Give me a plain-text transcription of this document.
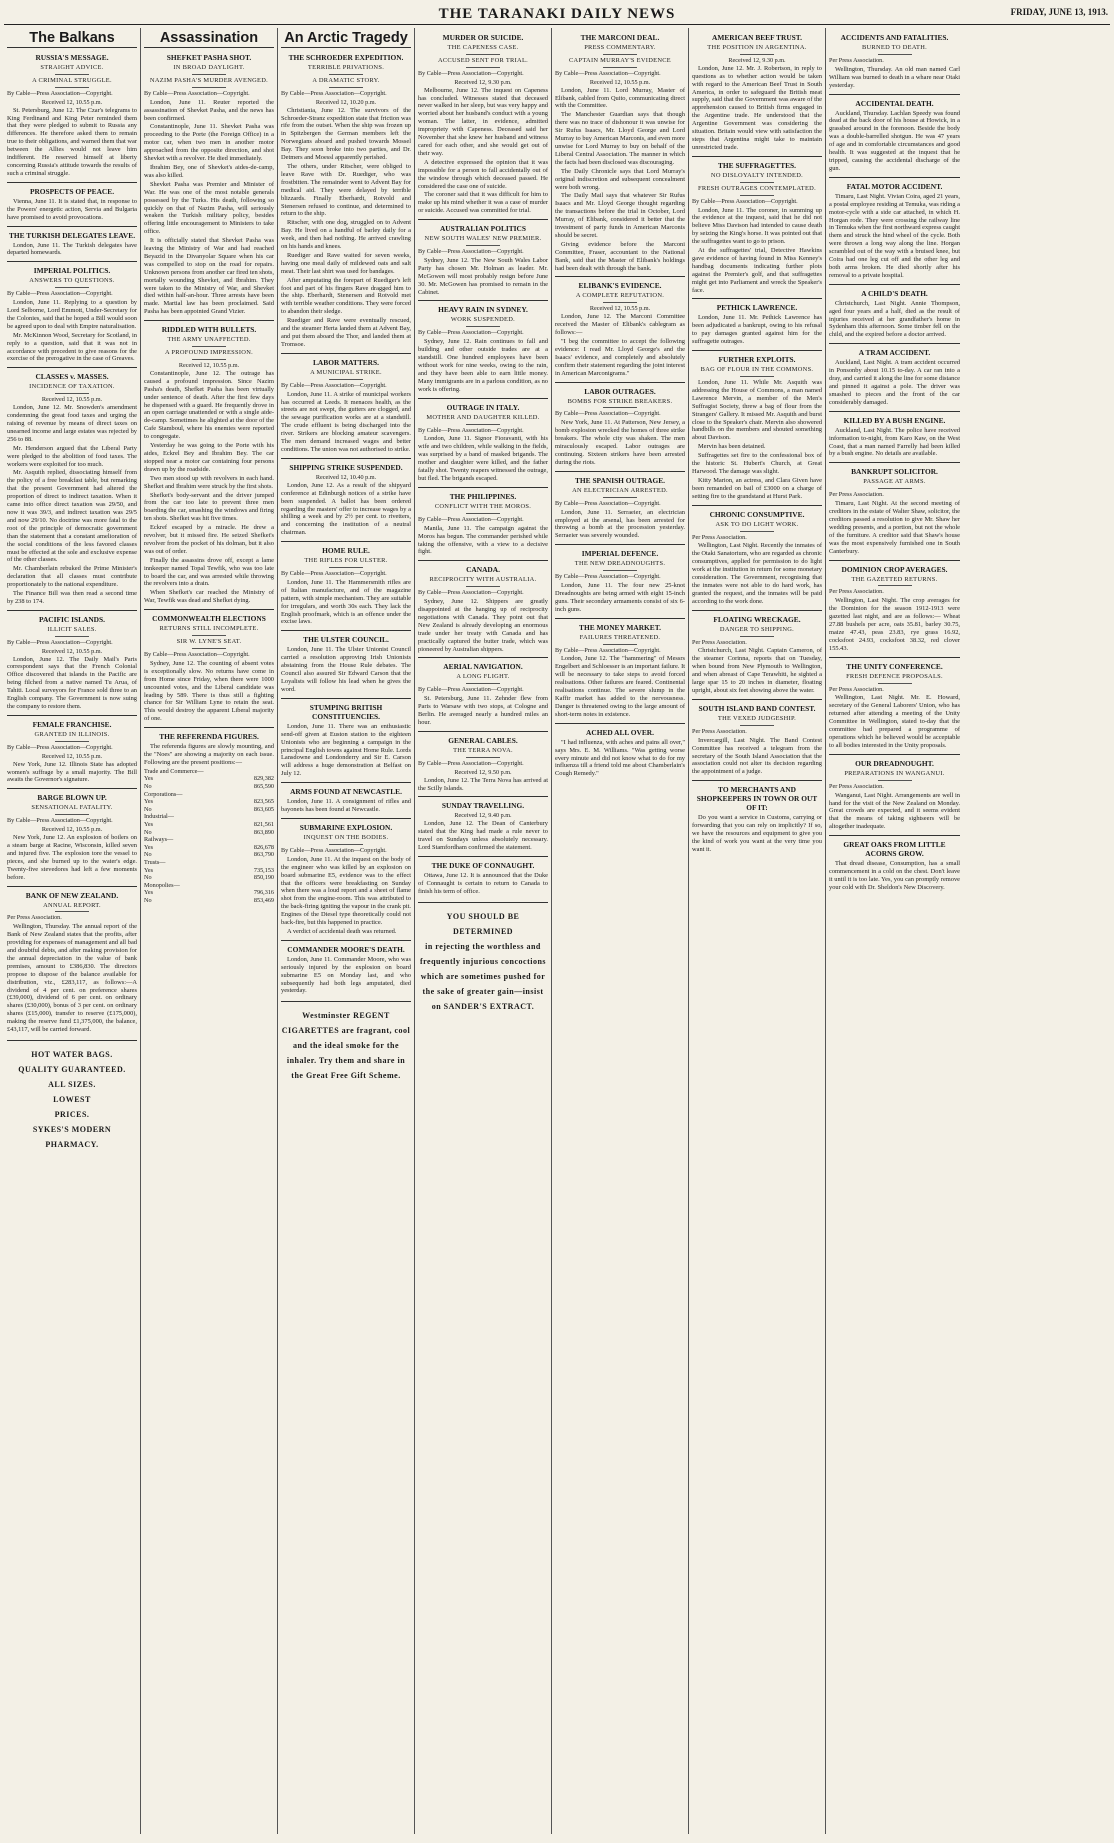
THE TARANAKI DAILY NEWS	FRIDAY, JUNE 13, 1913.
The Balkans
RUSSIA'S MESSAGE.
STRAIGHT ADVICE.
A CRIMINAL STRUGGLE.
By Cable—Press Association—Copyright.
Received 12, 10.55 p.m.

St. Petersburg, June 12. The Czar's telegrams to King Ferdinand and King Peter reminded them that they were pledged to submit to Russia any differences. He therefore asked them to remain true to their obligations, and warned them that war between the Allies would not leave him indifferent. He reserved himself at liberty concerning Russia's attitude towards the results of such a criminal struggle.

PROSPECTS OF PEACE.

Vienna, June 11. It is stated that, in response to the Powers' energetic action, Servia and Bulgaria have promised to avoid provocations.

THE TURKISH DELEGATES LEAVE.

London, June 11. The Turkish delegates have departed homewards.

IMPERIAL POLITICS.
ANSWERS TO QUESTIONS.
By Cable—Press Association—Copyright.

London, June 11. Replying to a question by Lord Selborne, Lord Emmott, Under-Secretary for the Colonies, said that he hoped a Bill would soon be agreed upon to deal with Empire naturalisation.

Mr. McKinnon Wood, Secretary for Scotland, in reply to a question, said that it was not in accordance with precedent to give reasons for the exercise of the prerogative in the case of Greaves.

CLASSES v. MASSES.
INCIDENCE OF TAXATION.
Received 12, 10.55 p.m.

London, June 12. Mr. Snowden's amendment condemning the great food taxes and urging the raising of revenue by means of direct taxes on unearned income and large estates was rejected by 256 to 88.

Mr. Henderson argued that the Liberal Party were pledged to the abolition of food taxes. The workers were exploited for too much.

Mr. Asquith replied, dissociating himself from the policy of a free breakfast table, but remarking that the present Government had altered the proportion of direct to indirect taxation. When it came into office direct taxation was 29/50, and now it was 39/3, and indirect taxation was 29/5 and now 29/10. No doctrine was more fatal to the root of the principle of democratic government than the statement that a constant amelioration of the social conditions of the less favored classes must be effected at the sole and exclusive expense of the other classes.

Mr. Chamberlain rebuked the Prime Minister's declaration that all classes must contribute proportionately to the national expenditure.

The Finance Bill was then read a second time by 238 to 174.

PACIFIC ISLANDS.
ILLICIT SALES.
By Cable—Press Association—Copyright.
Received 12, 10.55 p.m.

London, June 12. The Daily Mail's Paris correspondent says that the French Colonial Office discovered that islands in the Pacific are being filched from a native named Tu Arua, of Tahiti. Local surveyors for France sold three to an English company. The Government is now suing the company to restore them.

FEMALE FRANCHISE.
GRANTED IN ILLINOIS.
By Cable—Press Association—Copyright.
Received 12, 10.55 p.m.

New York, June 12. Illinois State has adopted women's suffrage by a small majority. The Bill awaits the Governor's signature.

BARGE BLOWN UP.
SENSATIONAL FATALITY.
By Cable—Press Association—Copyright.
Received 12, 10.55 p.m.

New York, June 12. An explosion of boilers on a steam barge at Racine, Wisconsin, killed seven and injured five. The explosion tore the vessel to pieces, and she burned up to the water's edge. Twenty-five stevedores had left a few moments before.

BANK OF NEW ZEALAND.
ANNUAL REPORT.
Per Press Association.

Wellington, Thursday. The annual report of the Bank of New Zealand states that the profits, after providing for expenses of management and all bad and doubtful debts, and after making provision for the annual depreciation in the value of bank premises, amount to £386,830. The directors propose to dispose of the balance available for distribution, viz., £283,117, as follows:—A dividend of 4 per cent. on preference shares (£39,000), dividend of 6 per cent. on ordinary shares (£30,000), bonus of 3 per cent. on ordinary shares (£15,000), transfer to reserve (£175,000), making the reserve fund £1,375,000, the balance, £43,117, will be carried forward.

HOT WATER BAGS.
QUALITY GUARANTEED.
ALL SIZES.
LOWEST
PRICES.
SYKES'S MODERN PHARMACY.
Assassination
SHEFKET PASHA SHOT.
IN BROAD DAYLIGHT.
NAZIM PASHA'S MURDER AVENGED.
By Cable—Press Association—Copyright.

London, June 11. Reuter reported the assassination of Shevket Pasha, and the news has been confirmed.

Constantinople, June 11. Shevket Pasha was proceeding to the Porte (the Foreign Office) in a motor car, when two men in another motor approached from the opposite direction, and shot Shevket with a revolver. He died immediately.

Ibrahim Bey, one of Shevket's aides-de-camp, was also killed.

Shevket Pasha was Premier and Minister of War. He was one of the most notable generals possessed by the Turks. His death, following so quickly on that of Nazim Pasha, will seriously weaken the Turkish military policy, besides offering little encouragement to Ministers to take office.

It is officially stated that Shevket Pasha was leaving the Ministry of War and had reached Beyazid in the Divanyolar Square when his car was compelled to stop on the road for repairs. Unknown persons from another car fired ten shots, mortally wounding Shevket, and Ibrahim. They were taken to the Ministry of War, and Shevket died within half-an-hour. Three arrests have been made. Martial law has been proclaimed. Said Pasha has been appointed Grand Vizier.

RIDDLED WITH BULLETS.
THE ARMY UNAFFECTED.
A PROFOUND IMPRESSION.
Received 12, 10.55 p.m.

Constantinople, June 12. The outrage has caused a profound impression. Since Nazim Pasha's death, Shefket Pasha has been virtually under sentence of death. After the first few days he dispensed with a guard. He frequently drove in an open carriage unattended or with a single aide-de-camp. Sometimes he alighted at the door of the Cafe Stamboul, where his enemies were reported to congregate.

Yesterday he was going to the Porte with his aides, Eckrel Bey and Ibrahim Bey. The car stopped near a motor car containing four persons drawn up by the roadside.

Two men stood up with revolvers in each hand. Shefket and Ibrahim were struck by the first shots.

Shefket's body-servant and the driver jumped from the car too late to prevent three men boarding the car, smashing the windows and firing ten shots. Shefket was hit five times.

Eckref escaped by a miracle. He drew a revolver, but it missed fire. He seized Shefket's revolver from the pocket of his dolman, but it also was out of order.

Finally the assassins drove off, except a lame innkeeper named Topal Tewfik, who was too late to board the car, and was arrested while throwing the revolvers into a drain.

When Shefket's car reached the Ministry of War, Tewfik was dead and Shefket dying.

COMMONWEALTH ELECTIONS
RETURNS STILL INCOMPLETE.
SIR W. LYNE'S SEAT.
By Cable—Press Association—Copyright.

Sydney, June 12. The counting of absent votes is exceptionally slow. No returns have come in from Home since Friday, when there were 1000 uncounted votes, and the Liberal candidate was leading by 589. There is thus still a fighting chance for Sir William Lyne to retain the seat. This would destroy the apparent Liberal majority of one.

THE REFERENDA FIGURES.

The referenda figures are slowly mounting, and the "Noes" are showing a majority on each issue. Following are the present positions:—

Trade and Commerce—
Yes	829,382
No	865,590
Corporations—
Yes	823,565
No	863,605
Industrial—
Yes	821,561
No	863,890
Railways—
Yes	826,678
No	863,790
Trusts—
Yes	735,153
No	850,190
Monopolies—
Yes	796,316
No	853,469
An Arctic Tragedy
THE SCHROEDER EXPEDITION.
TERRIBLE PRIVATIONS.
A DRAMATIC STORY.
By Cable—Press Association—Copyright.
Received 12, 10.20 p.m.

Christiania, June 12. The survivors of the Schroeder-Stranz expedition state that friction was rife from the outset. When the ship was frozen up in Spitzbergen the German members left the Norwegians aboard and pushed towards Mossel Bay. They soon broke into two parties, and Dr. Detmers and Moessl apparently perished.

The others, under Ritscher, were obliged to leave Rave with Dr. Ruediger, who was frostbitten. The remainder went to Advent Bay for medical aid. They were delayed by terrible blizzards. Finally Eberhardt, Rotvold and Stenersen refused to continue, and determined to return to the ship.

Ritscher, with one dog, struggled on to Advent Bay. He lived on a handful of barley daily for a week, and then had nothing. He arrived crawling on his hands and knees.

Ruediger and Rave waited for seven weeks, having one meal daily of mildewed oats and salt meat. Their last shirt was used for bandages.

After amputating the forepart of Ruediger's left foot and part of his fingers Rave dragged him to the ship. Eberhardt, Stenersen and Rotvold met with terrible weather conditions. They were forced to abandon their sledge.

Ruediger and Rave were eventually rescued, and the steamer Herta landed them at Advent Bay, and put them aboard the Thor, and landed them at Tromsoe.

LABOR MATTERS.
A MUNICIPAL STRIKE.
By Cable—Press Association—Copyright.

London, June 11. A strike of municipal workers has occurred at Leeds. It menaces health, as the streets are not swept, the gutters are clogged, and the sewage purification works are at a standstill. The crude effluent is being discharged into the river. Strikers are blocking amateur scavengers. The men demand increased wages and better conditions. The union was not authorised to strike.

SHIPPING STRIKE SUSPENDED.
Received 12, 10.40 p.m.

London, June 12. As a result of the shipyard conference at Edinburgh notices of a strike have been suspended. A ballot has been ordered regarding the masters' offer to increase wages by a shilling a week and by 2½ per cent. to rivetters, and concerning the institution of a neutral chairman.

HOME RULE.
THE RIFLES FOR ULSTER.
By Cable—Press Association—Copyright.

London, June 11. The Hammersmith rifles are of Italian manufacture, and of the magazine pattern, with simple mechanism. They are suitable for irregulars, and worth 30s each. They lack the English proofmark, which is an offence under the excise laws.

THE ULSTER COUNCIL.

London, June 11. The Ulster Unionist Council carried a resolution approving Irish Unionists abstaining from the House Rule debates. The Council also assured Sir Edward Carson that the Loyalists will follow his lead when he gives the word.

STUMPING BRITISH CONSTITUENCIES.

London, June 11. There was an enthusiastic send-off given at Euston station to the eighteen Unionists who are beginning a campaign in the principal English towns against Home Rule. Lords Lansdowne and Londonderry and Sir E. Carson will address a huge demonstration at Belfast on July 12.

ARMS FOUND AT NEWCASTLE.

London, June 11. A consignment of rifles and bayonets has been found at Newcastle.

SUBMARINE EXPLOSION.
INQUEST ON THE BODIES.
By Cable—Press Association—Copyright.

London, June 11. At the inquest on the body of the engineer who was killed by an explosion on board submarine E5, evidence was to the effect that the officers were breakfasting on Sunday when there was a loud report and a sheet of flame shot from the engine-room. This was attributed to the back-firing igniting the vapour in the crank pit. Engines of the Diesel type theoretically could not back-fire, but this happened in practice.

A verdict of accidental death was returned.

COMMANDER MOORE'S DEATH.

London, June 11. Commander Moore, who was seriously injured by the explosion on board submarine E5 on Monday last, and who subsequently had both legs amputated, died yesterday.

Westminster REGENT CIGARETTES are fragrant, cool and the ideal smoke for the inhaler. Try them and share in the Great Free Gift Scheme.
MURDER OR SUICIDE.
THE CAPENESS CASE.
ACCUSED SENT FOR TRIAL.
By Cable—Press Association—Copyright.
Received 12, 9.30 p.m.

Melbourne, June 12. The inquest on Capeness has concluded. Witnesses stated that deceased never walked in her sleep, but was very happy and worried about her husband's conduct with a young woman. The latter, in evidence, admitted impropriety with Capeness. Deceased said her November that she knew her husband and witness cared for each other, and she would get out of their way.

A detective expressed the opinion that it was impossible for a person to fall accidentally out of the window through which deceased passed. He considered the case one of suicide.

The coroner said that it was difficult for him to make up his mind whether it was a case of murder or suicide. Accused was committed for trial.

AUSTRALIAN POLITICS
NEW SOUTH WALES' NEW PREMIER.
By Cable—Press Association—Copyright.

Sydney, June 12. The New South Wales Labor Party has chosen Mr. Holman as leader. Mr. McGowen will most probably resign before June 30. Mr. McGowen has promised to remain in the Cabinet.

HEAVY RAIN IN SYDNEY.
WORK SUSPENDED.
By Cable—Press Association—Copyright.

Sydney, June 12. Rain continues to fall and building and other outside trades are at a standstill. One hundred employees have been without work for nine weeks, owing to the rain, and they have been able to earn little money. Many immigrants are in a parlous condition, as no work is offering.

OUTRAGE IN ITALY.
MOTHER AND DAUGHTER KILLED.
By Cable—Press Association—Copyright.

London, June 11. Signor Fioravanti, with his wife and two children, while walking in the fields, was surprised by a band of masked brigands. The mother and daughter were killed, and the father fatally shot. Twenty reapers witnessed the outrage, but fled. The brigands escaped.

THE PHILIPPINES.
CONFLICT WITH THE MOROS.
By Cable—Press Association—Copyright.

Manila, June 11. The campaign against the Moros has begun. The commander perished while taking the offensive, with a view to a decisive fight.

CANADA.
RECIPROCITY WITH AUSTRALIA.
By Cable—Press Association—Copyright.

Sydney, June 12. Shippers are greatly disappointed at the hanging up of reciprocity negotiations with Canada. They point out that New Zealand is already developing an enormous trade under her treaty with Canada and has practically captured the butter trade, which was pioneered by Australian shippers.

AERIAL NAVIGATION.
A LONG FLIGHT.
By Cable—Press Association—Copyright.

St. Petersburg, June 11. Zehnder flew from Paris to Warsaw with two stops, at Cologne and Berlin. He averaged nearly a hundred miles an hour.

GENERAL CABLES.
THE TERRA NOVA.
By Cable—Press Association—Copyright.
Received 12, 9.50 p.m.

London, June 12. The Terra Nova has arrived at the Scilly Islands.

SUNDAY TRAVELLING.
Received 12, 9.40 p.m.

London, June 12. The Dean of Canterbury stated that the King had made a rule never to travel on Sundays unless absolutely necessary. Lord Stamfordham confirmed the statement.

THE DUKE OF CONNAUGHT.

Ottawa, June 12. It is announced that the Duke of Connaught is certain to return to Canada to finish his term of office.

YOU SHOULD BE DETERMINED
in rejecting the worthless and frequently injurious concoctions which are sometimes pushed for the sake of greater gain—insist on SANDER'S EXTRACT.
THE MARCONI DEAL.
PRESS COMMENTARY.
CAPTAIN MURRAY'S EVIDENCE
By Cable—Press Association—Copyright.
Received 12, 10.55 p.m.

London, June 11. Lord Murray, Master of Elibank, cabled from Quito, communicating direct with the Committee.

The Manchester Guardian says that though there was no trace of dishonour it was unwise for Sir Rufus Isaacs, Mr. Lloyd George and Lord Murray to buy American Marconis, and even more unwise for Lord Murray to buy on behalf of the Liberal Central Association. The manner in which the facts had been disclosed was discouraging.

The Daily Chronicle says that Lord Murray's original indiscretion and subsequent concealment were both wrong.

The Daily Mail says that whatever Sir Rufus Isaacs and Mr. Lloyd George thought regarding the transactions before the trial in October, Lord Murray, of Elibank, considered it better that the investment of party funds in American Marconis should be secret.

Giving evidence before the Marconi Committee, Fraser, accountant to the National Bank, said that the Master of Elibank's holdings had been dealt with through the bank.

ELIBANK'S EVIDENCE.
A COMPLETE REFUTATION.
Received 12, 10.55 p.m.

London, June 12. The Marconi Committee received the Master of Elibank's cablegram as follows:—

"I beg the committee to accept the following evidence: I read Mr. Lloyd George's and the Isaacs' evidence, and completely and absolutely confirm their statement regarding the joint interest in American Marconigrams."

LABOR OUTRAGES.
BOMBS FOR STRIKE BREAKERS.
By Cable—Press Association—Copyright.

New York, June 11. At Patterson, New Jersey, a bomb explosion wrecked the homes of three strike breakers. The whole city was shaken. The men miraculously escaped. Labor outrages are continuing. Sixteen strikers have been arrested during the riots.

THE SPANISH OUTRAGE.
AN ELECTRICIAN ARRESTED.
By Cable—Press Association—Copyright.

London, June 11. Serraeier, an electrician employed at the arsenal, has been arrested for throwing a bomb at the procession yesterday. Serraeier was severely wounded.

IMPERIAL DEFENCE.
THE NEW DREADNOUGHTS.
By Cable—Press Association—Copyright.

London, June 11. The four new 25-knot Dreadnoughts are being armed with eight 15-inch guns. Their secondary armaments consist of six 6-inch guns.

THE MONEY MARKET.
FAILURES THREATENED.
By Cable—Press Association—Copyright.

London, June 12. The "hammering" of Messrs Engelbert and Schloesser is an important failure. It will be necessary to take steps to avoid forced realisations. Other failures are feared. Continental realisations continue. The severe slump in the Kaffir market has added to the nervousness. Danger is threatened owing to the large amount of short-term notes in existence.

ACHED ALL OVER.

"I had influenza, with aches and pains all over," says Mrs. E. M. Williams. "Was getting worse every minute and did not know what to do for my influenza till a friend told me about Chamberlain's Cough Remedy."

AMERICAN BEEF TRUST.
THE POSITION IN ARGENTINA.
Received 12, 9.30 p.m.

London, June 12. Mr. J. Robertson, in reply to questions as to whether action would be taken with regard to the American Beef Trust in South America, in order to safeguard the British meat supply, said that the Government was aware of the apprehension caused to British firms engaged in the Argentine trade. He understood that the Argentine Government was considering the situation. Britain would view with satisfaction the steps that Argentina might take to maintain unrestricted trade.

THE SUFFRAGETTES.
NO DISLOYALTY INTENDED.
FRESH OUTRAGES CONTEMPLATED.
By Cable—Press Association—Copyright.

London, June 11. The coroner, in summing up the evidence at the inquest, said that he did not believe Miss Davison had intended to cause death by seizing the King's horse. It was pointed out that the suffragettes want to go to prison.

At the suffragettes' trial, Detective Hawkins gave evidence of having found in Miss Kenney's handbag documents indicating further plots against the Premier's golf, and that suffragettes might get into Parliament and wreck the Speaker's face.

PETHICK LAWRENCE.

London, June 11. Mr. Pethick Lawrence has been adjudicated a bankrupt, owing to his refusal to pay damages granted against him for the suffragette outrages.

FURTHER EXPLOITS.
BAG OF FLOUR IN THE COMMONS.

London, June 11. While Mr. Asquith was addressing the House of Commons, a man named Lawrence Mervin, a member of the Men's Suffragist Society, threw a bag of flour from the Strangers' Gallery. It missed Mr. Asquith and burst close to the Speaker's chair. Mervin also showered handbills on the members and shouted something about Davison.

Mervin has been detained.

Suffragettes set fire to the confessional box of the historic St. Hubert's Church, at Great Harwood. The damage was slight.

Kitty Marion, an actress, and Clara Given have been remanded on bail of £3000 on a charge of setting fire to the grandstand at Hurst Park.

CHRONIC CONSUMPTIVE.
ASK TO DO LIGHT WORK.
Per Press Association.

Wellington, Last Night. Recently the inmates of the Otaki Sanatorium, who are regarded as chronic consumptives, applied for permission to do light work at the institution in return for some monetary consideration. The Government, recognising that the inmates were not able to do hard work, has granted the request, and the inmates will be paid according to the work done.

FLOATING WRECKAGE.
DANGER TO SHIPPING.
Per Press Association.

Christchurch, Last Night. Captain Cameron, of the steamer Corinna, reports that on Tuesday, when bound from New Plymouth to Wellington, and when abreast of Cape Terawhiti, he sighted a large spar 15 to 20 inches in diameter, floating upright, about six feet showing above the water.

SOUTH ISLAND BAND CONTEST.
THE VEXED JUDGESHIP.
Per Press Association.

Invercargill, Last Night. The Band Contest Committee has received a telegram from the secretary of the South Island Association that the association could not alter its decision regarding the appointment of a judge.

TO MERCHANTS AND SHOPKEEPERS IN TOWN OR OUT OF IT:

Do you want a service in Customs, carrying or forwarding that you can rely on implicitly? If so, we have the resources and equipment to give you the kind of work you want at the very time you want it.

ACCIDENTS AND FATALITIES.
BURNED TO DEATH.
Per Press Association.

Wellington, Thursday. An old man named Carl William was burned to death in a whare near Otaki yesterday.

ACCIDENTAL DEATH.

Auckland, Thursday. Lachlan Speedy was found dead at the back door of his house at Howick, in a grassbed around in the forenoon. Beside the body was a double-barrelled shotgun. He was 47 years of age and in comfortable circumstances and good health. It was suggested at the inquest that he tripped, causing the accidental discharge of the gun.

FATAL MOTOR ACCIDENT.

Timaru, Last Night. Vivian Coira, aged 21 years, a postal employee residing at Temuka, was riding a motor-cycle with a side car attached, in which H. Horgan rode. They were crossing the railway line in Temuka when the first northward express caught them and struck the hind wheel of the cycle. Both were thrown a long way along the line. Horgan scrambled out of the way with a bruised knee, but Coira had one leg cut off and the other leg and both arms broken. He died shortly after his removal to a private hospital.

A CHILD'S DEATH.

Christchurch, Last Night. Annie Thompson, aged four years and a half, died as the result of injuries received at her grandfather's home in Sydenham this afternoon. Some timber fell on the child, and the expired before a doctor arrived.

A TRAM ACCIDENT.

Auckland, Last Night. A tram accident occurred in Ponsonby about 10.15 to-day. A car ran into a dray, and carried it along the line for some distance and pinned it against a pole. The driver was smashed to pieces and the front of the car considerably damaged.

KILLED BY A BUSH ENGINE.

Auckland, Last Night. The police have received information to-night, from Karo Kaw, on the West Coast, that a man named Farrelly had been killed by a bush engine. No details are available.

BANKRUPT SOLICITOR.
PASSAGE AT ARMS.
Per Press Association.

Timaru, Last Night. At the second meeting of creditors in the estate of Walter Shaw, solicitor, the creditors passed a resolution to give Mr. Shaw her wedding presents, and a portion, but not the whole of the furniture. A creditor said that Shaw's house was the most expensively furnished one in South Canterbury.

DOMINION CROP AVERAGES.
THE GAZETTED RETURNS.
Per Press Association.

Wellington, Last Night. The crop averages for the Dominion for the season 1912-1913 were gazetted last night, and are as follows:— Wheat 27.88 bushels per acre, oats 35.81, barley 30.75, maize 47.43, peas 23.83, rye grass 16.92, cocksfoot 24.93, cocksfoot 38.32, red clover 155.43.

THE UNITY CONFERENCE.
FRESH DEFENCE PROPOSALS.
Per Press Association.

Wellington, Last Night. Mr. E. Howard, secretary of the General Laborers' Union, who has returned after attending a meeting of the Unity Committee in Wellington, stated to-day that the committee had prepared a programme of operations which he believed would be acceptable to all bodies interested in the Unity proposals.

OUR DREADNOUGHT.
PREPARATIONS IN WANGANUI.
Per Press Association.

Wanganui, Last Night. Arrangements are well in hand for the visit of the New Zealand on Monday. Great crowds are expected, and it seems evident that the means of taking sightseers will be altogether inadequate.

GREAT OAKS FROM LITTLE ACORNS GROW.

That dread disease, Consumption, has a small commencement in a cold on the chest. Don't leave it until it is too late. Yes, you can promptly remove your cold with Dr. Sheldon's New Discovery.
